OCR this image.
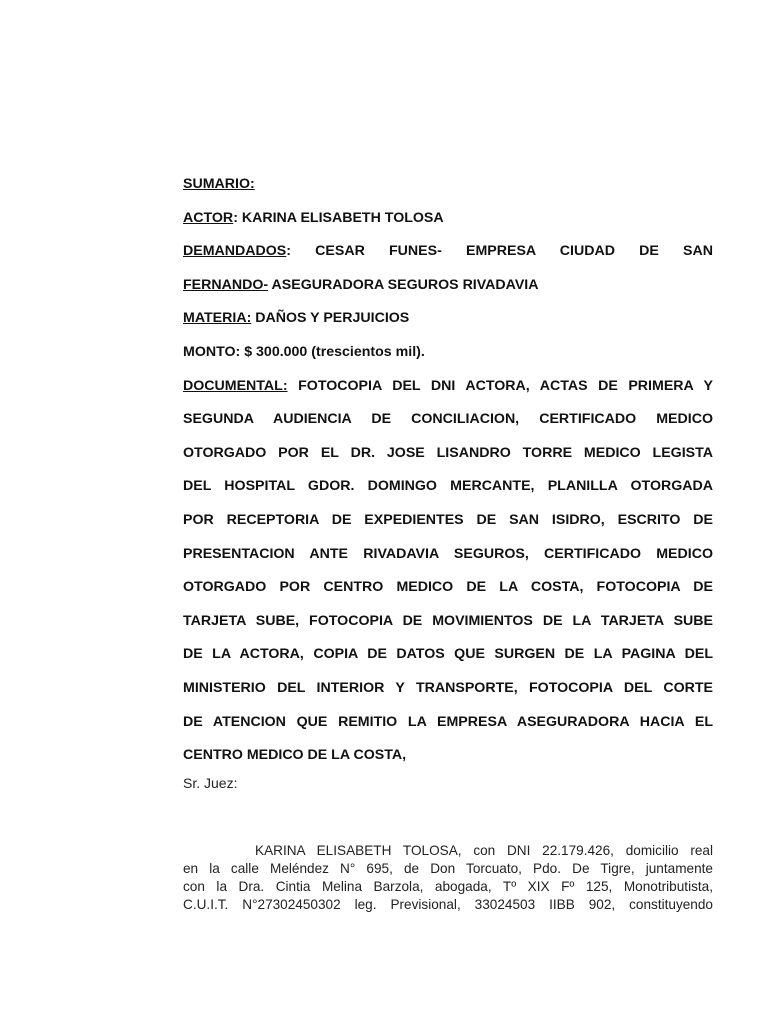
SUMARIO:
ACTOR: KARINA ELISABETH TOLOSA
DEMANDADOS: CESAR FUNES- EMPRESA CIUDAD DE SAN
FERNANDO- ASEGURADORA SEGUROS RIVADAVIA
MATERIA: DAÑOS Y PERJUICIOS
MONTO: $ 300.000 (trescientos mil).
DOCUMENTAL: FOTOCOPIA DEL DNI ACTORA, ACTAS DE PRIMERA Y
SEGUNDA AUDIENCIA DE CONCILIACION, CERTIFICADO MEDICO
OTORGADO POR EL DR. JOSE LISANDRO TORRE MEDICO LEGISTA
DEL HOSPITAL GDOR. DOMINGO MERCANTE, PLANILLA OTORGADA
POR RECEPTORIA DE EXPEDIENTES DE SAN ISIDRO, ESCRITO DE
PRESENTACION ANTE RIVADAVIA SEGUROS, CERTIFICADO MEDICO
OTORGADO POR CENTRO MEDICO DE LA COSTA, FOTOCOPIA DE
TARJETA SUBE, FOTOCOPIA DE MOVIMIENTOS DE LA TARJETA SUBE
DE LA ACTORA, COPIA DE DATOS QUE SURGEN DE LA PAGINA DEL
MINISTERIO DEL INTERIOR Y TRANSPORTE, FOTOCOPIA DEL CORTE
DE ATENCION QUE REMITIO LA EMPRESA ASEGURADORA HACIA EL
CENTRO MEDICO DE LA COSTA,
Sr. Juez:
KARINA ELISABETH TOLOSA, con DNI 22.179.426, domicilio real
en la calle Meléndez N° 695, de Don Torcuato, Pdo. De Tigre, juntamente
con la Dra. Cintia Melina Barzola, abogada, Tº XIX Fº 125, Monotributista,
C.U.I.T. N°27302450302 leg. Previsional, 33024503 IIBB 902, constituyendo
